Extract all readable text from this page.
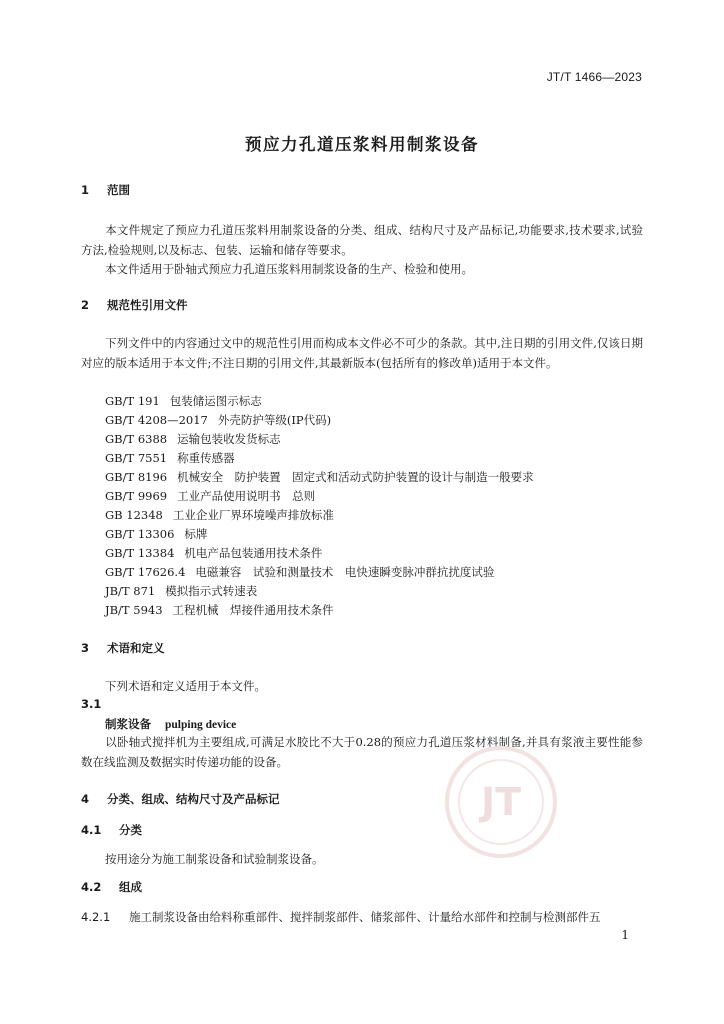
JT/T 1466—2023
预应力孔道压浆料用制浆设备
1 范围
本文件规定了预应力孔道压浆料用制浆设备的分类、组成、结构尺寸及产品标记,功能要求,技术要求,试验方法,检验规则,以及标志、包装、运输和储存等要求。
本文件适用于卧轴式预应力孔道压浆料用制浆设备的生产、检验和使用。
2 规范性引用文件
下列文件中的内容通过文中的规范性引用而构成本文件必不可少的条款。其中,注日期的引用文件,仅该日期对应的版本适用于本文件;不注日期的引用文件,其最新版本(包括所有的修改单)适用于本文件。
GB/T 191 包装储运图示标志
GB/T 4208—2017 外壳防护等级(IP代码)
GB/T 6388 运输包装收发货标志
GB/T 7551 称重传感器
GB/T 8196 机械安全　防护装置　固定式和活动式防护装置的设计与制造一般要求
GB/T 9969 工业产品使用说明书　总则
GB 12348 工业企业厂界环境噪声排放标准
GB/T 13306 标牌
GB/T 13384 机电产品包装通用技术条件
GB/T 17626.4 电磁兼容　试验和测量技术　电快速瞬变脉冲群抗扰度试验
JB/T 871 模拟指示式转速表
JB/T 5943 工程机械　焊接件通用技术条件
3 术语和定义
下列术语和定义适用于本文件。
3.1
制浆设备 pulping device
以卧轴式搅拌机为主要组成,可满足水胶比不大于0.28的预应力孔道压浆材料制备,并具有浆液主要性能参数在线监测及数据实时传递功能的设备。
4 分类、组成、结构尺寸及产品标记
4.1 分类
按用途分为施工制浆设备和试验制浆设备。
4.2 组成
4.2.1 施工制浆设备由给料称重部件、搅拌制浆部件、储浆部件、计量给水部件和控制与检测部件五
JT
1
